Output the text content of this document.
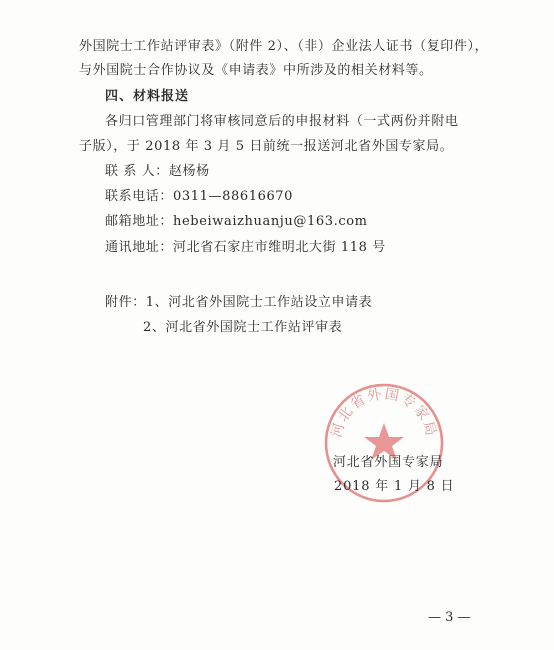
外国院士工作站评审表》（附件 2）、（非）企业法人证书（复印件），
与外国院士合作协议及《申请表》中所涉及的相关材料等。
四、材料报送
各归口管理部门将审核同意后的申报材料（一式两份并附电
子版），于 2018 年 3 月 5 日前统一报送河北省外国专家局。
联 系 人：赵杨杨
联系电话：0311—88616670
邮箱地址：hebeiwaizhuanju@163.com
通讯地址：河北省石家庄市维明北大街 118 号
附件：1、河北省外国院士工作站设立申请表
2、河北省外国院士工作站评审表
河北省外国专家局
河北省外国专家局
2018 年 1 月 8 日
— 3 —
